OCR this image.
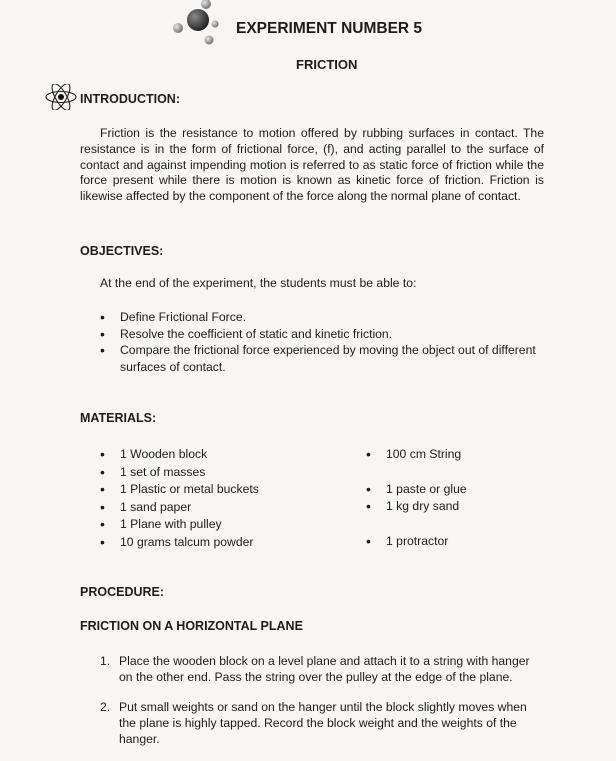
EXPERIMENT NUMBER 5
FRICTION
INTRODUCTION:
Friction is the resistance to motion offered by rubbing surfaces in contact. The resistance is in the form of frictional force, (f), and acting parallel to the surface of contact and against impending motion is referred to as static force of friction while the force present while there is motion is known as kinetic force of friction. Friction is likewise affected by the component of the force along the normal plane of contact.
OBJECTIVES:
At the end of the experiment, the students must be able to:
• Define Frictional Force.
• Resolve the coefficient of static and kinetic friction.
• Compare the frictional force experienced by moving the object out of different surfaces of contact.
MATERIALS:
• 1 Wooden block
• 1 set of masses
• 1 Plastic or metal buckets
• 1 sand paper
• 1 Plane with pulley
• 10 grams talcum powder
• 100 cm String
• 1 paste or glue
• 1 kg dry sand
• 1 protractor
PROCEDURE:
FRICTION ON A HORIZONTAL PLANE
1. Place the wooden block on a level plane and attach it to a string with hanger on the other end. Pass the string over the pulley at the edge of the plane.
2. Put small weights or sand on the hanger until the block slightly moves when the plane is highly tapped. Record the block weight and the weights of the hanger.
